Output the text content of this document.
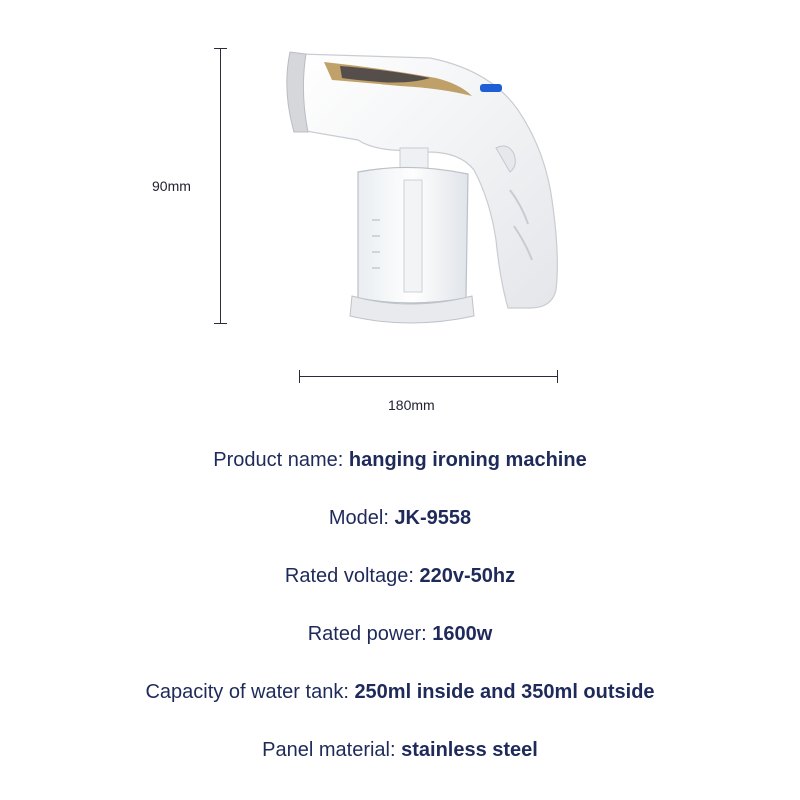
90mm
180mm
Product name: hanging ironing machine
Model: JK-9558
Rated voltage: 220v-50hz
Rated power: 1600w
Capacity of water tank: 250ml inside and 350ml outside
Panel material: stainless steel
